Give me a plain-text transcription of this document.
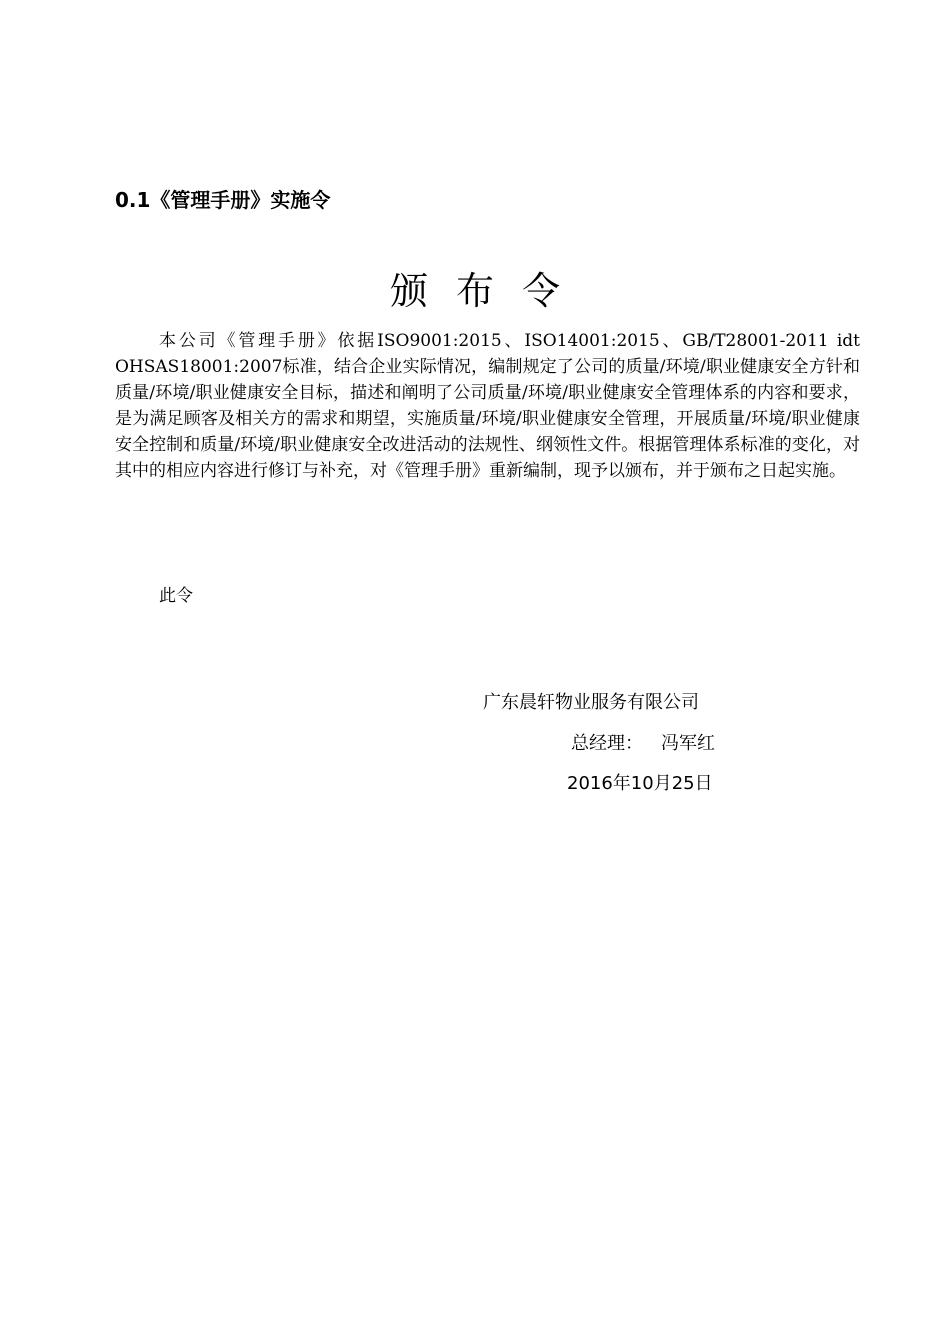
0.1《管理手册》实施令
颁布令

本公司《管理手册》依据ISO9001:2015、ISO14001:2015、GB/T28001-2011 idt OHSAS18001:2007标准，结合企业实际情况，编制规定了公司的质量/环境/职业健康安全方针和质量/环境/职业健康安全目标，描述和阐明了公司质量/环境/职业健康安全管理体系的内容和要求，是为满足顾客及相关方的需求和期望，实施质量/环境/职业健康安全管理，开展质量/环境/职业健康安全控制和质量/环境/职业健康安全改进活动的法规性、纲领性文件。根据管理体系标准的变化，对其中的相应内容进行修订与补充，对《管理手册》重新编制，现予以颁布，并于颁布之日起实施。

此令
广东晨轩物业服务有限公司
总经理： 冯军红
2016年10月25日
